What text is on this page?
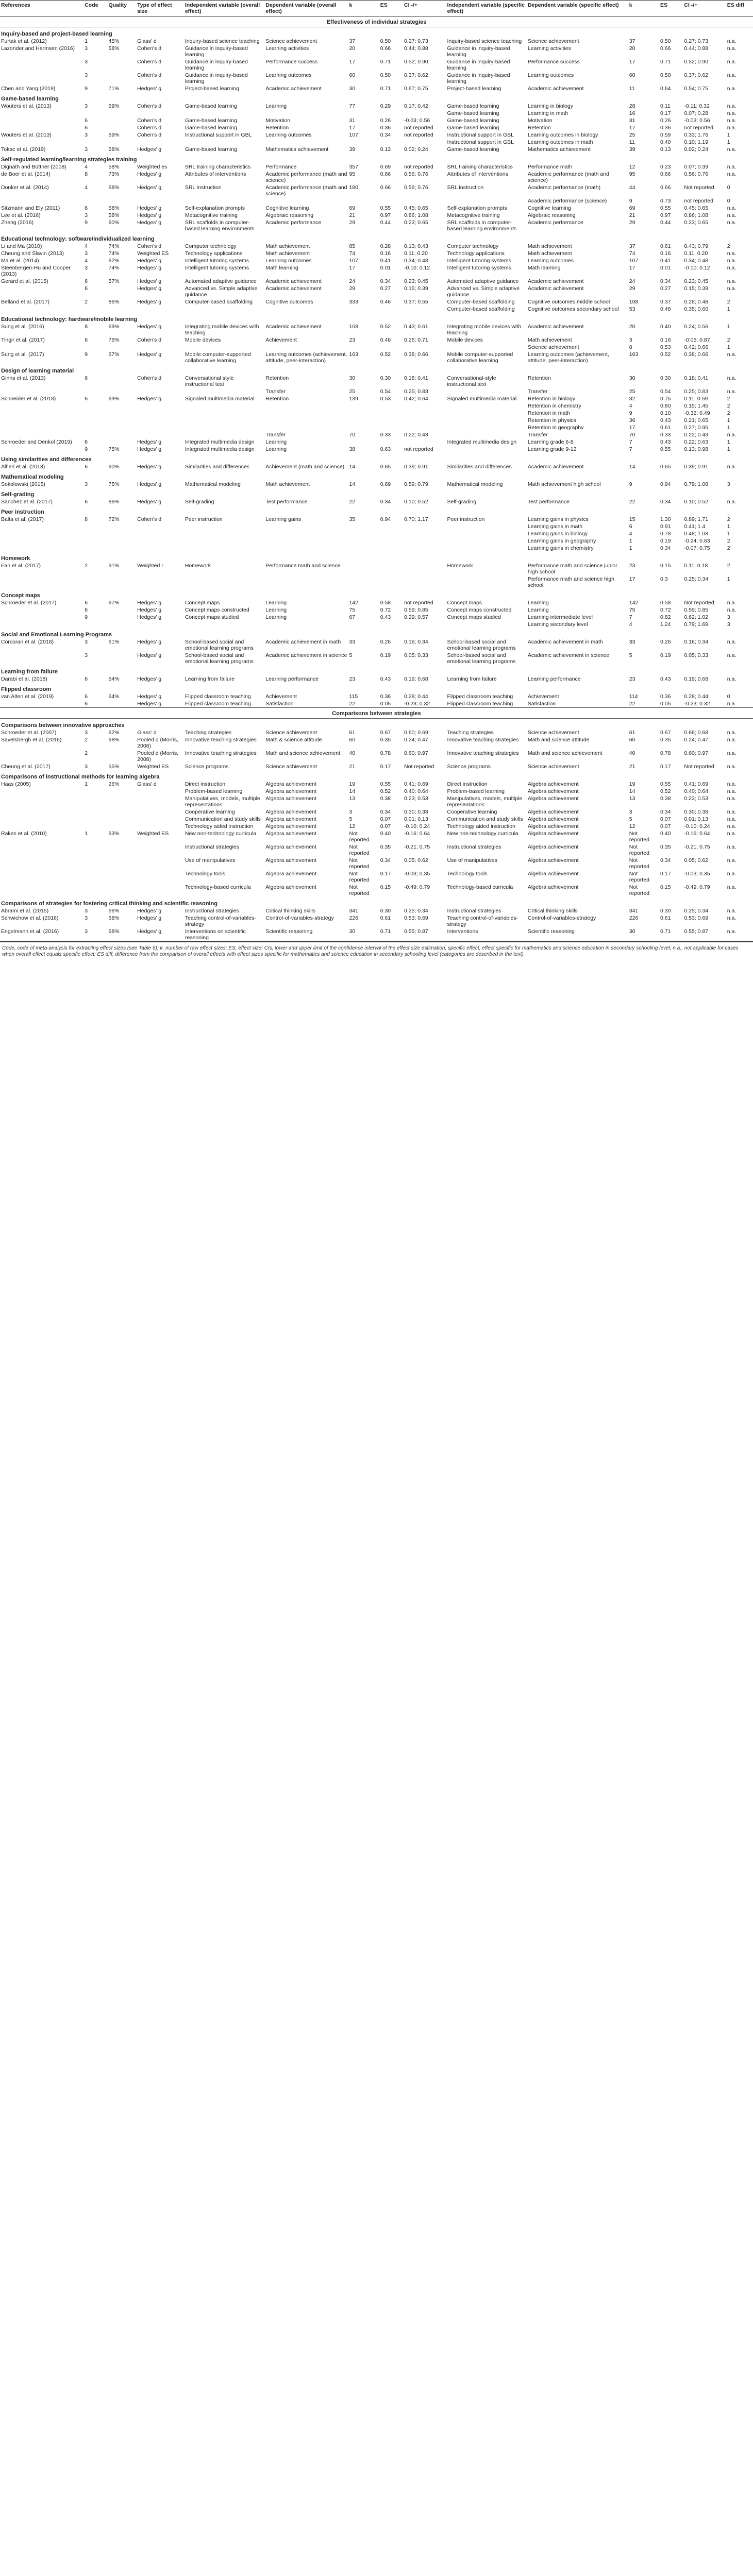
References	Code	Quality	Type of effect size	Independent variable (overall effect)	Dependent variable (overall effect)	k	ES	CI -/+	Independent variable (specific effect)	Dependent variable (specific effect)	k	ES	CI -/+	ES diff
Effectiveness of individual strategies														
Inquiry-based and project-based learning														
Furtak et al. (2012)	1	45%	Glass' d	Inquiry-based science teaching	Science achievement	37	0.50	0.27; 0.73	Inquiry-based science teaching	Science achievement	37	0.50	0.27; 0.73	n.a.
Lazonder and Harmsen (2016)	3	58%	Cohen's d	Guidance in inquiry-based learning	Learning activities	20	0.66	0.44; 0.88	Guidance in inquiry-based learning	Learning activities	20	0.66	0.44; 0.88	n.a.
	3		Cohen's d	Guidance in inquiry-based learning	Performance success	17	0.71	0.52; 0.90	Guidance in inquiry-based learning	Performance success	17	0.71	0.52; 0.90	n.a.
	3		Cohen's d	Guidance in inquiry-based learning	Learning outcomes	60	0.50	0.37; 0.62	Guidance in inquiry-based learning	Learning outcomes	60	0.50	0.37; 0.62	n.a.
Chen and Yang (2019)	9	71%	Hedges' g	Project-based learning	Academic achievement	30	0.71	0.67; 0.75	Project-based learning	Academic achievement	11	0.64	0.54; 0.75	n.a.
Game-based learning														
Wouters et al. (2013)	3	69%	Cohen's d	Game-based learning	Learning	77	0.29	0.17; 0.42	Game-based learning	Learning in biology	28	0.11	-0.11; 0.32	n.a.
									Game-based learning	Learning in math	16	0.17	0.07; 0.28	n.a.
	6		Cohen's d	Game-based learning	Motivation	31	0.26	-0.03; 0.56	Game-based learning	Motivation	31	0.26	-0.03; 0.56	n.a.
	6		Cohen's d	Game-based learning	Retention	17	0.36	not reported	Game-based learning	Retention	17	0.36	not reported	n.a.
Wouters et al. (2013)	3	69%	Cohen's d	Instructional support in GBL	Learning outcomes	107	0.34	not reported	Instructional support in GBL	Learning outcomes in biology	25	0.59	0.33; 1.76	1
									Instructional support in GBL	Learning outcomes in math	11	0.40	0.10; 1.19	1
Tokac et al. (2019)	3	58%	Hedges' g	Game-based learning	Mathematics achievement	39	0.13	0.02; 0.24	Game-based learning	Mathematics achievement	39	0.13	0.02; 0.24	n.a.
Self-regulated learning/learning strategies training														
Dignath and Büttner (2008)	4	58%	Weighted es	SRL training characteristics	Performance	357	0.69	not reported	SRL training characteristics	Performance math	12	0.23	0.07; 0.39	n.a.
de Boer et al. (2014)	8	73%	Hedges' g	Attributes of interventions	Academic performance (math and science)	95	0.66	0.56; 0.76	Attributes of interventions	Academic performance (math and science)	95	0.66	0.56; 0.76	n.a.
Donker et al. (2014)	4	68%	Hedges' g	SRL instruction	Academic performance (math and science)	180	0.66	0.56; 0.76	SRL instruction	Academic performance (math)	44	0.66	Not reported	0
										Academic performance (science)	9	0.73	not reported	0
Sitzmann and Ely (2011)	6	58%	Hedges' g	Self-explanation prompts	Cognitive learning	69	0.55	0.45; 0.65	Self-explanation prompts	Cognitive learning	69	0.55	0.45; 0.65	n.a.
Lee et al. (2016)	3	58%	Hedges' g	Metacognitive training	Algebraic reasoning	21	0.97	0.86; 1.08	Metacognitive training	Algebraic reasoning	21	0.97	0.86; 1.08	n.a.
Zheng (2016)	9	60%	Hedges' g	SRL scaffolds in computer-based learning environments	Academic performance	29	0.44	0.23; 0.65	SRL scaffolds in computer-based learning environments	Academic performance	29	0.44	0.23; 0.65	n.a.
Educational technology: software/individualized learning														
Li and Ma (2010)	4	74%	Cohen's d	Computer technology	Math achievement	85	0.28	0.13; 0.43	Computer technology	Math achievement	37	0.61	0.43; 0.79	2
Cheung and Slavin (2013)	3	74%	Weighted ES	Technology applications	Math achievement	74	0.16	0.11; 0.20	Technology applications	Math achievement	74	0.16	0.11; 0.20	n.a.
Ma et al. (2014)	4	62%	Hedges' g	Intelligent tutoring systems	Learning outcomes	107	0.41	0.34; 0.48	Intelligent tutoring systems	Learning outcomes	107	0.41	0.34; 0.48	n.a.
Steenbergen-Hu and Cooper (2013)	3	74%	Hedges' g	Intelligent tutoring systems	Math learning	17	0.01	-0.10; 0.12	Intelligent tutoring systems	Math learning	17	0.01	-0.10; 0.12	n.a.
Gerard et al. (2015)	6	57%	Hedges' g	Automated adaptive guidance	Academic achievement	24	0.34	0.23; 0.45	Automated adaptive guidance	Academic achievement	24	0.34	0.23; 0.45	n.a.
	6		Hedges' g	Advanced vs. Simple adaptive guidance	Academic achievement	29	0.27	0.15; 0.39	Advanced vs. Simple adaptive guidance	Academic achievement	29	0.27	0.15; 0.39	n.a.
Belland et al. (2017)	2	86%	Hedges' g	Computer-based scaffolding	Cognitive outcomes	333	0.46	0.37; 0.55	Computer-based scaffolding	Cognitive outcomes middle school	108	0.37	0.28; 0.48	2
									Computer-based scaffolding	Cognitive outcomes secondary school	53	0.48	0.35; 0.60	1
Educational technology: hardware/mobile learning														
Sung et al. (2016)	8	69%	Hedges' g	Integrating mobile devices with teaching	Academic achievement	108	0.52	0.43; 0.61	Integrating mobile devices with teaching	Academic achievement	20	0.40	0.24; 0.56	1
Tingir et al. (2017)	6	76%	Cohen's d	Mobile devices	Achievement	23	0.48	0.26; 0.71	Mobile devices	Math achievement	3	0.16	-0.05; 0.87	2
										Science achievement	8	0.53	0.42; 0.66	1
Sung et al. (2017)	9	67%	Hedges' g	Mobile computer-supported collaborative learning	Learning outcomes (achievement, attitude, peer-interaction)	163	0.52	0.38; 0.66	Mobile computer-supported collaborative learning	Learning outcomes (achievement, attitude, peer-interaction)	163	0.52	0.38; 0.66	n.a.
Design of learning material														
Ginns et al. (2013)	6		Cohen's d	Conversational style instructional text	Retention	30	0.30	0.18; 0.41	Conversational-style instructional text	Retention	30	0.30	0.18; 0.41	n.a.
					Transfer	25	0.54	0.25; 0.83		Transfer	25	0.54	0.25; 0.83	n.a.
Schneider et al. (2018)	6	69%	Hedges' g	Signaled multimedia material	Retention	139	0.53	0.42; 0.64	Signaled multimedia material	Retention in biology	32	0.75	0.11; 0.59	2
										Retention in chemistry	4	0.80	0.15; 1.45	2
										Retention in math	9	0.10	-0.32; 0.49	2
										Retention in physics	36	0.43	0.21; 0.65	1
										Retention in geography	17	0.61	0.27; 0.95	1
					Transfer	70	0.33	0.22; 0.43		Transfer	70	0.33	0.22; 0.43	n.a.
Schroeder and Denkol (2019)	6		Hedges' g	Integrated multimedia design	Learning				Integrated multimedia design	Learning grade 6-8	7	0.43	0.22; 0.63	1
	9	75%	Hedges' g	Integrated multimedia design	Learning	38	0.63	not reported		Learning grade 9-12	7	0.55	0.13; 0.98	1
Using similarities and differences														
Alfieri et al. (2013)	6	60%	Hedges' g	Similarities and differences	Achievement (math and science)	14	0.65	0.39; 0.91	Similarities and differences	Academic achievement	14	0.65	0.39; 0.91	n.a.
Mathematical modeling														
Sokolowski (2015)	3	75%	Hedges' g	Mathematical modeling	Math achievement	14	0.69	0.59; 0.79	Mathematical modeling	Math achievement high school	9	0.94	0.79; 1.08	3
Self-grading														
Sanchez et al. (2017)	6	86%	Hedges' g	Self-grading	Test performance	22	0.34	0.10; 0.52	Self-grading	Test performance	22	0.34	0.10; 0.52	n.a.
Peer instruction														
Balta et al. (2017)	8	72%	Cohen's d	Peer instruction	Learning gains	35	0.94	0.70; 1.17	Peer instruction	Learning gains in physics	15	1.30	0.89; 1.71	2
										Learning gains in math	6	0.91	0.41; 1.4	1
										Learning gains in biology	4	0.78	0.48; 1.08	1
										Learning gains in geography	1	0.19	-0.24; 0.63	2
										Learning gains in chemistry	1	0.34	-0.07; 0.75	2
Homework														
Fan et al. (2017)	2	91%	Weighted r	Homework	Performance math and science				Homework	Performance math and science junior high school	23	0.15	0.11; 0.18	2
										Performance math and science high school	17	0.3	0.25; 0.34	1
Concept maps														
Schroeder et al. (2017)	6	67%	Hedges' g	Concept maps	Learning	142	0.58	not reported	Concept maps	Learning	142	0.58	Not reported	n.a.
	6		Hedges' g	Concept maps constructed	Learning	75	0.72	0.59; 0.85	Concept maps constructed	Learning	75	0.72	0.59; 0.85	n.a.
	9		Hedges' g	Concept maps studied	Learning	67	0.43	0.29; 0.57	Concept maps studied	Learning intermediate level	7	0.82	0.62; 1.02	3
										Learning secondary level	4	1.24	0.79; 1.69	3
Social and Emotional Learning Programs														
Corcoran et al. (2018)	3	61%	Hedges' g	School-based social and emotional learning programs	Academic achievement in math	33	0.26	0.16; 0.34	School-based social and emotional learning programs	Academic achievement in math	33	0.26	0.16; 0.34	n.a.
	3		Hedges' g	School-based social and emotional learning programs	Academic achievement in science	5	0.19	0.05; 0.33	School-based social and emotional learning programs	Academic achievement in science	5	0.19	0.05; 0.33	n.a.
Learning from failure														
Darabi et al. (2018)	6	64%	Hedges' g	Learning from failure	Learning performance	23	0.43	0.19; 0.68	Learning from failure	Learning performance	23	0.43	0.19; 0.68	n.a.
Flipped classroom														
van Alten et al. (2019)	6	64%	Hedges' g	Flipped classroom teaching	Achievement	115	0.36	0.28; 0.44	Flipped classroom teaching	Achievement	114	0.36	0.28; 0.44	0
	6		Hedges' g	Flipped classroom teaching	Satisfaction	22	0.05	-0.23; 0.32	Flipped classroom teaching	Satisfaction	22	0.05	-0.23; 0.32	n.a.
Comparisons between strategies														
Comparisons between innovative approaches														
Schroeder et al. (2007)	3	62%	Glass' d	Teaching strategies	Science achievement	61	0.67	0.60; 0.69	Teaching strategies	Science achievement	61	0.67	0.66; 0.68	n.a.
Savelsbergh et al. (2016)	2	68%	Pooled d (Morris, 2008)	Innovative teaching strategies	Math & science attitude	60	0.35	0.24; 0.47	Innovative teaching strategies	Math and science attitude	60	0.35	0.24; 0.47	n.a.
	2		Pooled d (Morris, 2008)	Innovative teaching strategies	Math and science achievement	40	0.78	0.60; 0.97	Innovative teaching strategies	Math and science achievement	40	0.78	0.60; 0.97	n.a.
Cheung et al. (2017)	3	55%	Weighted ES	Science programs	Science achievement	21	0.17	Not reported	Science programs	Science achievement	21	0.17	Not reported	n.a.
Comparisons of instructional methods for learning algebra														
Haas (2005)	1	26%	Glass' d	Direct instruction	Algebra achievement	19	0.55	0.41; 0.69	Direct instruction	Algebra achievement	19	0.55	0.41; 0.69	n.a.
				Problem-based learning	Algebra achievement	14	0.52	0.40; 0.64	Problem-based learning	Algebra achievement	14	0.52	0.40; 0.64	n.a.
				Manipulatives, models, multiple representations	Algebra achievement	13	0.38	0.23; 0.53	Manipulatives, models, multiple representations	Algebra achievement	13	0.38	0.23; 0.53	n.a.
				Cooperative learning	Algebra achievement	3	0.34	0.30; 0.38	Cooperative learning	Algebra achievement	3	0.34	0.30; 0.38	n.a.
				Communication and study skills	Algebra achievement	5	0.07	0.01; 0.13	Communication and study skills	Algebra achievement	5	0.07	0.01; 0.13	n.a.
				Technology aided instruction	Algebra achievement	12	0.07	-0.10; 0.24	Technology aided instruction	Algebra achievement	12	0.07	-0.10; 0.24	n.a.
Rakes et al. (2010)	1	63%	Weighted ES	New non-technology curricula	Algebra achievement	Not reported	0.40	-0.16; 0.64	New non-technology curricula	Algebra achievement	Not reported	0.40	-0.16; 0.64	n.a.
				Instructional strategies	Algebra achievement	Not reported	0.35	-0.21; 0.75	Instructional strategies	Algebra achievement	Not reported	0.35	-0.21; 0.75	n.a.
				Use of manipulatives	Algebra achievement	Not reported	0.34	0.05; 0.62	Use of manipulatives	Algebra achievement	Not reported	0.34	0.05; 0.62	n.a.
				Technology tools	Algebra achievement	Not reported	0.17	-0.03; 0.35	Technology tools	Algebra achievement	Not reported	0.17	-0.03; 0.35	n.a.
				Technology-based curricula	Algebra achievement	Not reported	0.15	-0.49; 0.79	Technology-based curricula	Algebra achievement	Not reported	0.15	-0.49; 0.79	n.a.
Comparisons of strategies for fostering critical thinking and scientific reasoning														
Abrami et al. (2015)	3	66%	Hedges' g	Instructional strategies	Critical thinking skills	341	0.30	0.25; 0.34	Instructional strategies	Critical thinking skills	341	0.30	0.25; 0.34	n.a.
Schwichow et al. (2016)	3	68%	Hedges' g	Teaching control-of-variables-strategy	Control-of-variables-strategy	226	0.61	0.53; 0.69	Teaching control-of-variables-strategy	Control-of-variables-strategy	226	0.61	0.53; 0.69	n.a.
Engelmann et al. (2016)	3	68%	Hedges' g	Interventions on scientific reasoning	Scientific reasoning	30	0.71	0.55; 0.87	Interventions	Scientific reasoning	30	0.71	0.55; 0.87	n.a.
Code, code of meta-analysis for extracting effect sizes (see Table 6); k, number of raw effect sizes; ES, effect size; CIs, lower and upper limit of the confidence interval of the effect size estimation; specific effect, effect specific for mathematics and science education in secondary schooling level; n.a., not applicable for cases when overall effect equals specific effect; ES diff, difference from the comparison of overall effects with effect sizes specific for mathematics and science education in secondary schooling level (categories are described in the text).
